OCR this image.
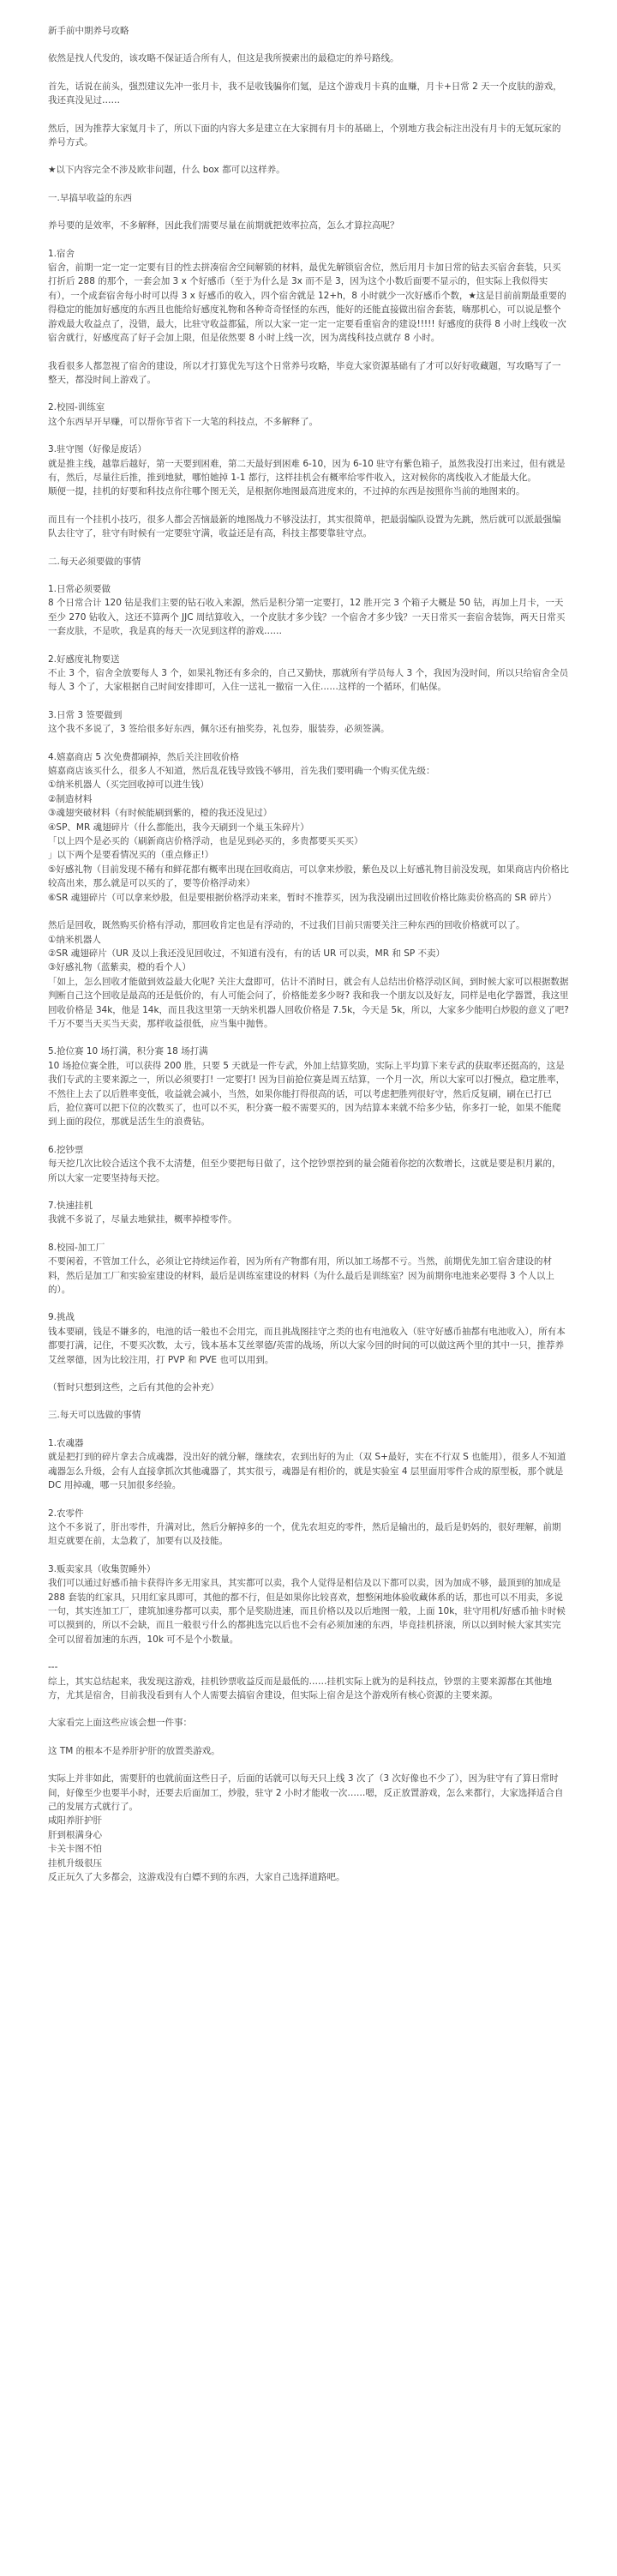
新手前中期养号攻略

依然是找人代发的，该攻略不保证适合所有人，但这是我所摸索出的最稳定的养号路线。

首先，话说在前头，强烈建议先冲一张月卡，我不是收钱骗你们氪，是这个游戏月卡真的血赚，月卡+日常 2 天一个皮肤的游戏，我还真没见过……

然后，因为推荐大家氪月卡了，所以下面的内容大多是建立在大家拥有月卡的基础上，个别地方我会标注出没有月卡的无氪玩家的养号方式。

★以下内容完全不涉及欧非问题，什么 box 都可以这样养。

一.早搞早收益的东西

养号要的是效率，不多解释，因此我们需要尽量在前期就把效率拉高，怎么才算拉高呢？

1.宿舍

宿舍，前期一定一定一定要有目的性去拼凑宿舍空间解锁的材料，最优先解锁宿舍位，然后用月卡加日常的钻去买宿舍套装，只买打折后 288 的那个，一套会加 3 x 个好感币（至于为什么是 3x 而不是 3，因为这个小数后面要不显示的，但实际上我似得实有），一个成套宿舍每小时可以得 3 x 好感币的收入，四个宿舍就是 12+h，8 小时就少一次好感币个数，★这是目前前期最重要的得稳定的能加好感度的东西且也能给好感度礼物和各种奇奇怪怪的东西，能好的还能直接做出宿舍套装，嗨那机心，可以说是整个游戏最大收益点了，没错，最大，比驻守收益都猛，所以大家一定一定一定要看重宿舍的建设!!!!! 好感度的获得 8 小时上线收一次宿舍就行，好感度高了好子会加上限，但是依然要 8 小时上线一次，因为离线科技点就存 8 小时。

我看很多人都忽视了宿舍的建设，所以才打算优先写这个日常养号攻略，毕竟大家资源基础有了才可以好好收藏题，写攻略写了一整天，都没时间上游戏了。

2.校园-训练室

这个东西早开早赚，可以帮你节省下一大笔的科技点，不多解释了。

3.驻守图（好像是废话）

就是推主线，越靠后越好，第一天要到困难，第二天最好到困难 6-10，因为 6-10 驻守有紫色箱子，虽然我没打出来过，但有就是有，然后，尽量往后推，推到地狱，哪怕她掉 1-1 都行，这样挂机会有概率给零件收入，这对候你的离线收入才能最大化。

顺便一提，挂机的好要和科技点你往哪个图无关，是根据你地图最高进度来的，不过掉的东西是按照你当前的地图来的。

而且有一个挂机小技巧，很多人都会苦恼最新的地图战力不够没法打，其实很简单，把最弱编队设置为先跳，然后就可以派最强编队去往守了，驻守有时候有一定要驻守满，收益还是有高，科技主都要靠驻守点。

二.每天必须要做的事情

1.日常必须要做

8 个日常合计 120 钻是我们主要的钻石收入来源，然后是积分第一定要打，12 胜开完 3 个箱子大概是 50 钻，再加上月卡，一天至少 270 钻收入，这还不算两个 JJC 周结算收入，一个皮肤才多少钱？一个宿舍才多少钱？一天日常买一套宿舍装饰，两天日常买一套皮肤，不是吹，我是真的每天一次见到这样的游戏……

2.好感度礼物要送

不止 3 个，宿舍全放要每人 3 个，如果礼物还有多余的，自己又勤快，那就所有学员每人 3 个，我因为没时间，所以只给宿舍全员每人 3 个了，大家根据自己时间安排即可，入住一送礼一撤宿一入住……这样的一个循环，们帖保。

3.日常 3 签要做到

这个我不多说了，3 签给很多好东西，佩尔还有抽奖券，礼包券，服装券，必须签满。

4.嬉嘉商店 5 次免费都刷掉，然后关注回收价格

嬉嘉商店该买什么，很多人不知道，然后乱花钱导致钱不够用，首先我们要明确一个购买优先级：

①纳米机器人（买完回收掉可以进生钱）

②制造材料

③魂翅突破材料（有时候能刷到紫的，橙的我还没见过）

④SP、MR 魂翅碎片（什么都能出，我今天刷到一个巢玉朱碎片）

「以上四个是必买的（刷新商店价格浮动，也是见到必买的，多贵都要买买买）

」以下两个是要看情况买的（重点修正!）

⑤好感礼物（目前发现不稀有和鲜花都有概率出现在回收商店，可以拿来炒股，紫色及以上好感礼物目前没发现，如果商店内价格比较高出来，那么就是可以买的了，要等价格浮动来）

⑥SR 魂翅碎片（可以拿来炒股，但是要根据价格浮动来来，暂时不推荐买，因为我没刷出过回收价格比陈卖价格高的 SR 碎片）

然后是回收，既然购买价格有浮动，那回收肯定也是有浮动的，不过我们目前只需要关注三种东西的回收价格就可以了。

①纳米机器人

②SR 魂翅碎片（UR 及以上我还没见回收过，不知道有没有，有的话 UR 可以卖，MR 和 SP 不卖）

③好感礼物（蓝紫卖，橙的看个人）

「如上，怎么回收才能做到效益最大化呢? 关注大盘即可，估计不消时日，就会有人总结出价格浮动区间，到时候大家可以根据数据判断自己这个回收是最高的还是低价的，有人可能会问了，价格能差多少呀? 我和我一个朋友以及好友，同样是电化学器置，我这里回收价格是 34k，他是 14k，而且我这里第一天纳米机器人回收价格是 7.5k，今天是 5k，所以，大家多少能明白炒股的意义了吧? 千万不要当天买当天卖，那样收益很低，应当集中抛售。

5.抢位赛 10 场打满，积分赛 18 场打满

10 场抢位赛全胜，可以获得 200 胜，只要 5 天就是一件专武，外加上结算奖励，实际上平均算下来专武的获取率还挺高的，这是我们专武的主要来源之一，所以必须要打! 一定要打! 因为目前抢位赛是周五结算，一个月一次，所以大家可以打慢点，稳定胜率，不然往上去了以后胜率变低，收益就会减小，当然，如果你能打得很高的话，可以考虑把胜列很好守，然后反复刷，刷在已打已后，抢位赛可以把下位的次数买了，也可以不买，积分赛一般不需要买的，因为结算本来就不给多少钻，你多打一轮，如果不能爬到上面的段位，那就是活生生的浪费钻。

6.挖钞票

每天挖几次比较合适这个我不太清楚，但至少要把每日做了，这个挖钞票控到的量会随着你挖的次数增长，这就是要是积月累的，所以大家一定要坚持每天挖。

7.快速挂机

我就不多说了，尽量去地狱挂，概率掉橙零件。

8.校园-加工厂

不要闲着，不管加工什么，必须让它持续运作着，因为所有产物都有用，所以加工场都不亏。当然，前期优先加工宿舍建设的材料，然后是加工厂和实验室建设的材料，最后是训练室建设的材料（为什么最后是训练室？因为前期你电池来必要得 3 个人以上的）。

9.挑战

钱本要刷，钱是不嫌多的，电池的话一般也不会用完，而且挑战图挂守之类的也有电池收入（驻守好感币抽都有电池收入），所有本都要打满，记住，不要买次数，太亏，钱本基本艾丝翠德/英雷的战场，所以大家今回的时间的可以做这两个里的其中一只，推荐养艾丝翠德，因为比较注用，打 PVP 和 PVE 也可以用到。

（暂时只想到这些，之后有其他的会补充）

三.每天可以选做的事情

1.农魂器

就是把打到的碎片拿去合成魂器，没出好的就分解，继续农，农到出好的为止（双 S+最好，实在不行双 S 也能用），很多人不知道魂器怎么升级，会有人直接拿抓次其他魂器了，其实很亏，魂器是有相价的，就是实验室 4 层里面用零件合成的原型板，那个就是 DC 用掉魂，哪一只加很多经验。

2.农零件

这个不多说了，肝出零件，升满对比，然后分解掉多的一个，优先农坦克的零件，然后是输出的，最后是奶妈的，很好理解，前期坦克就要在前，太急救了，加要有以及技能。

3.贩卖家具（收集贺睡外）

我们可以通过好感币抽卡获得许多无用家具，其实都可以卖，我个人觉得是相信及以下都可以卖，因为加成不够，最顶到的加成是 288 套装的红家具，只用红家具即可，其他的都不行，但是如果你比较喜欢，想整闲地体验收藏体系的话，那也可以不用卖，多说一句，其实连加工厂，建筑加速券都可以卖，那个是奖励进速，而且价格以及以后地图一般，上面 10k，驻守用机/好感币抽卡时候可以摸到的，所以不会缺，而且一般很亏什么的都挑选完以后也不会有必须加速的东西，毕竟挂机挤滚，所以以到时候大家其实完全可以留着加速的东西，10k 可不是个小数量。

---

综上，其实总结起来，我发现这游戏，挂机钞票收益反而是最低的……挂机实际上就为的是科技点，钞票的主要来源都在其他地方，尤其是宿舍，目前我没看到有人个人需要去搞宿舍建设，但实际上宿舍是这个游戏所有核心资源的主要来源。

大家看完上面这些应该会想一件事：

这 TM 的根本不是养肝护肝的放置类游戏。

实际上并非如此，需要肝的也就前面这些日子，后面的话就可以每天只上线 3 次了（3 次好像也不少了），因为驻守有了算日常时间，好像至少也要半小时，还要去后面加工，炒股，驻守 2 小时才能收一次……嗯，反正放置游戏，怎么来都行，大家选择适合自己的发展方式就行了。

咸阳养肝护肝

肝到根满身心

卡关卡图不怕

挂机升级很压

反正玩久了大多都会，这游戏没有白嫖不到的东西，大家自己选择道路吧。
